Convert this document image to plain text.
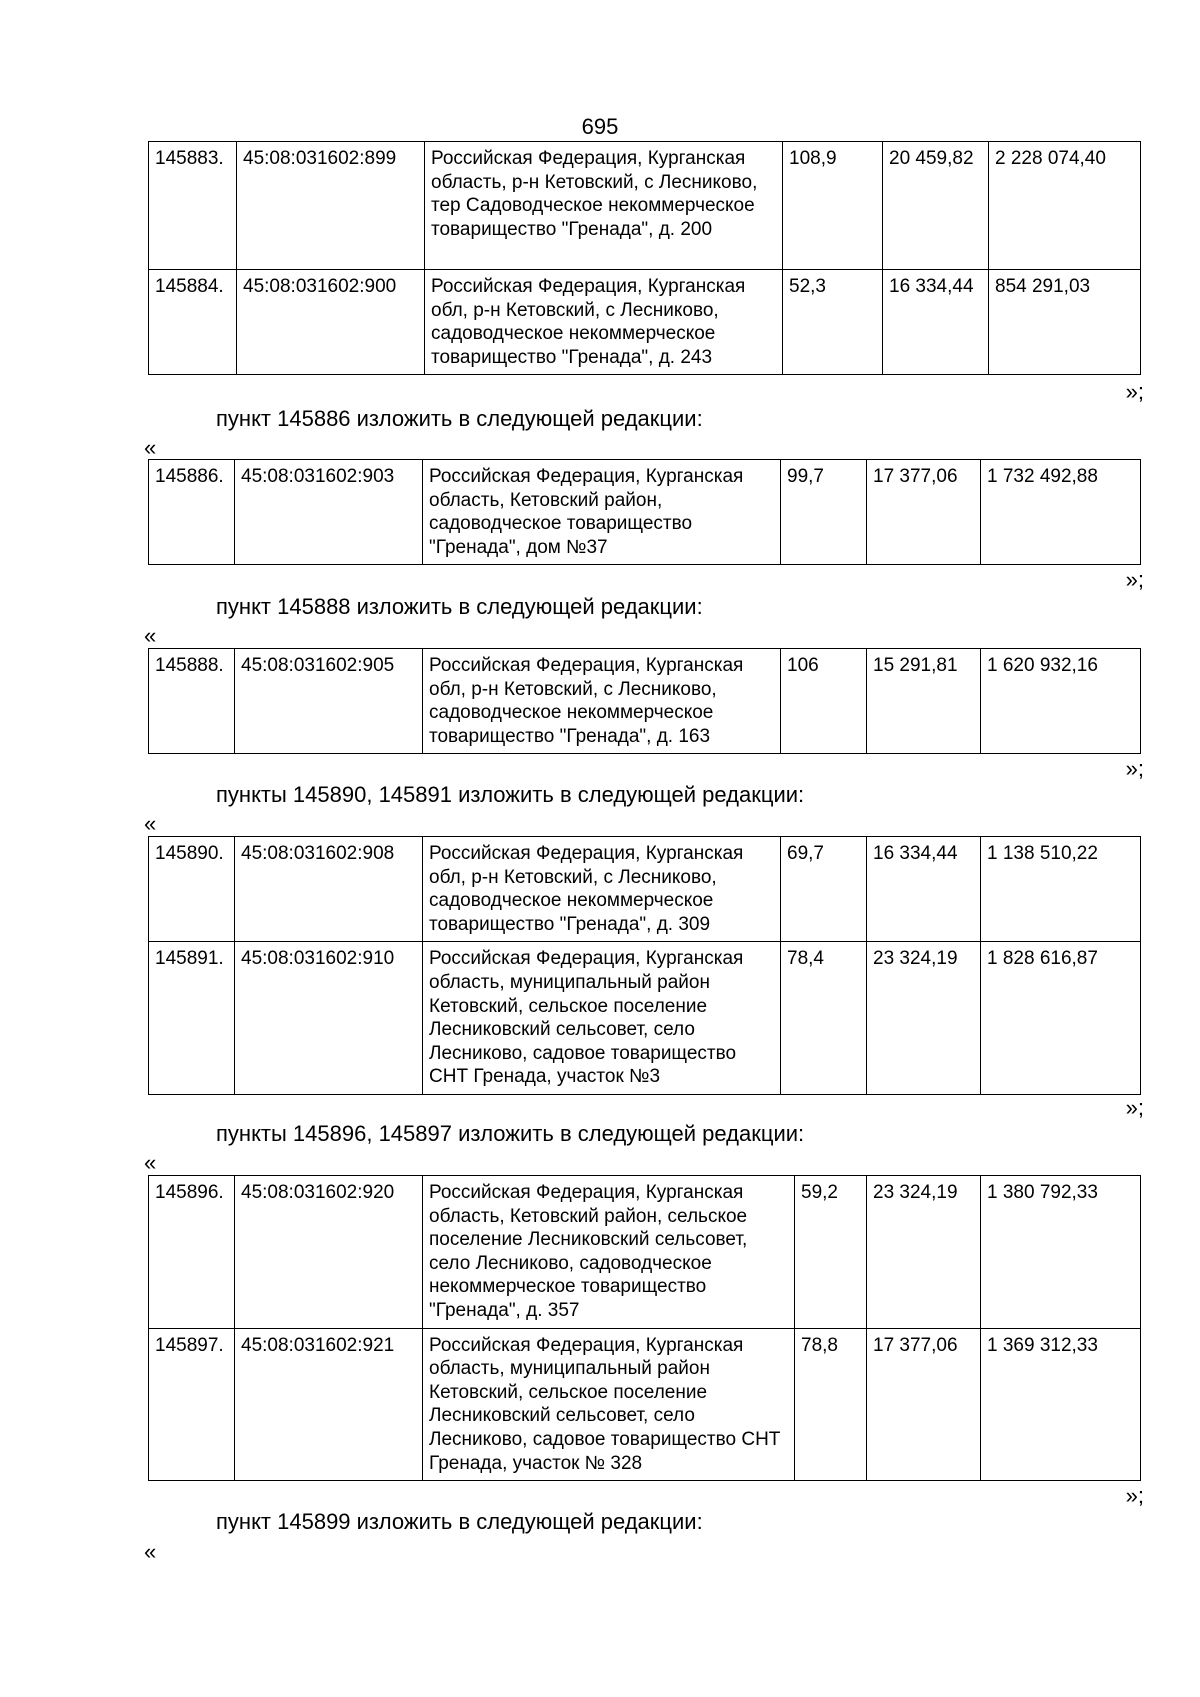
695
145883.	45:08:031602:899	Российская Федерация, Курганская область, р-н Кетовский, с Лесниково, тер Садоводческое некоммерческое товарищество "Гренада", д. 200	108,9	20 459,82	2 228 074,40
145884.	45:08:031602:900	Российская Федерация, Курганская обл, р-н Кетовский, с Лесниково, садоводческое некоммерческое товарищество "Гренада", д. 243	52,3	16 334,44	854 291,03
»;
пункт 145886 изложить в следующей редакции:
«
145886.	45:08:031602:903	Российская Федерация, Курганская область, Кетовский район, садоводческое товарищество "Гренада", дом №37	99,7	17 377,06	1 732 492,88
»;
пункт 145888 изложить в следующей редакции:
«
145888.	45:08:031602:905	Российская Федерация, Курганская обл, р-н Кетовский, с Лесниково, садоводческое некоммерческое товарищество "Гренада", д. 163	106	15 291,81	1 620 932,16
»;
пункты 145890, 145891 изложить в следующей редакции:
«
145890.	45:08:031602:908	Российская Федерация, Курганская обл, р-н Кетовский, с Лесниково, садоводческое некоммерческое товарищество "Гренада", д. 309	69,7	16 334,44	1 138 510,22
145891.	45:08:031602:910	Российская Федерация, Курганская область, муниципальный район Кетовский, сельское поселение Лесниковский сельсовет, село Лесниково, садовое товарищество СНТ Гренада, участок №3	78,4	23 324,19	1 828 616,87
»;
пункты 145896, 145897 изложить в следующей редакции:
«
145896.	45:08:031602:920	Российская Федерация, Курганская область, Кетовский район, сельское поселение Лесниковский сельсовет, село Лесниково, садоводческое некоммерческое товарищество "Гренада", д. 357	59,2	23 324,19	1 380 792,33
145897.	45:08:031602:921	Российская Федерация, Курганская область, муниципальный район Кетовский, сельское поселение Лесниковский сельсовет, село Лесниково, садовое товарищество СНТ Гренада, участок № 328	78,8	17 377,06	1 369 312,33
»;
пункт 145899 изложить в следующей редакции:
«
